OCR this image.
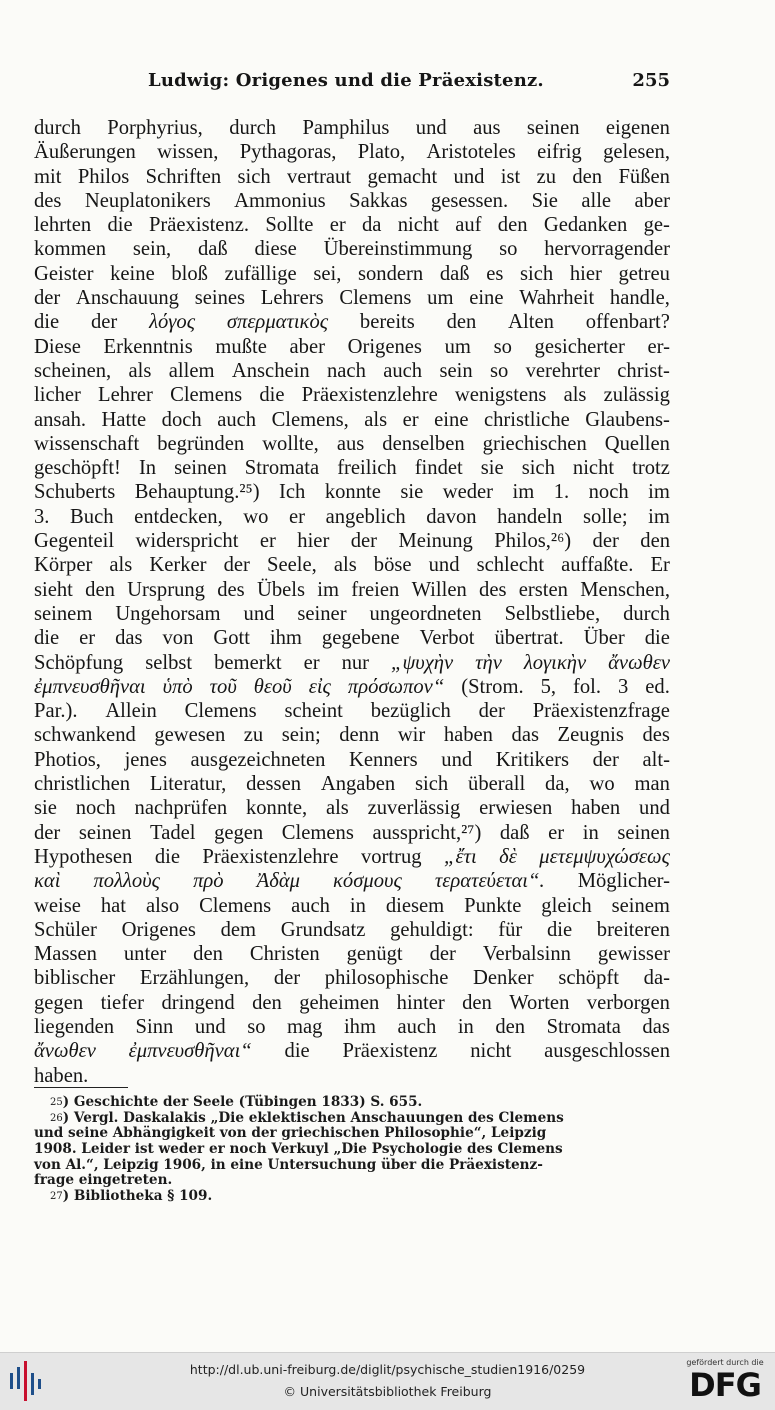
Ludwig: Origenes und die Präexistenz.	255
durch Porphyrius, durch Pamphilus und aus seinen eigenen
Äußerungen wissen, Pythagoras, Plato, Aristoteles eifrig gelesen,
mit Philos Schriften sich vertraut gemacht und ist zu den Füßen
des Neuplatonikers Ammonius Sakkas gesessen. Sie alle aber
lehrten die Präexistenz. Sollte er da nicht auf den Gedanken ge-
kommen sein, daß diese Übereinstimmung so hervorragender
Geister keine bloß zufällige sei, sondern daß es sich hier getreu
der Anschauung seines Lehrers Clemens um eine Wahrheit handle,
die der λόγος σπερματικὸς bereits den Alten offenbart?
Diese Erkenntnis mußte aber Origenes um so gesicherter er-
scheinen, als allem Anschein nach auch sein so verehrter christ-
licher Lehrer Clemens die Präexistenzlehre wenigstens als zulässig
ansah. Hatte doch auch Clemens, als er eine christliche Glaubens-
wissenschaft begründen wollte, aus denselben griechischen Quellen
geschöpft! In seinen Stromata freilich findet sie sich nicht trotz
Schuberts Behauptung.²⁵) Ich konnte sie weder im 1. noch im
3. Buch entdecken, wo er angeblich davon handeln solle; im
Gegenteil widerspricht er hier der Meinung Philos,²⁶) der den
Körper als Kerker der Seele, als böse und schlecht auffaßte. Er
sieht den Ursprung des Übels im freien Willen des ersten Menschen,
seinem Ungehorsam und seiner ungeordneten Selbstliebe, durch
die er das von Gott ihm gegebene Verbot übertrat. Über die
Schöpfung selbst bemerkt er nur „ψυχὴν τὴν λογικὴν ἄνωθεν
ἐμπνευσθῆναι ὑπὸ τοῦ θεοῦ εἰς πρόσωπον“ (Strom. 5, fol. 3 ed.
Par.). Allein Clemens scheint bezüglich der Präexistenzfrage
schwankend gewesen zu sein; denn wir haben das Zeugnis des
Photios, jenes ausgezeichneten Kenners und Kritikers der alt-
christlichen Literatur, dessen Angaben sich überall da, wo man
sie noch nachprüfen konnte, als zuverlässig erwiesen haben und
der seinen Tadel gegen Clemens ausspricht,²⁷) daß er in seinen
Hypothesen die Präexistenzlehre vortrug „ἔτι δὲ μετεμψυχώσεως
καὶ πολλοὺς πρὸ Ἀδὰμ κόσμους τερατεύεται“. Möglicher-
weise hat also Clemens auch in diesem Punkte gleich seinem
Schüler Origenes dem Grundsatz gehuldigt: für die breiteren
Massen unter den Christen genügt der Verbalsinn gewisser
biblischer Erzählungen, der philosophische Denker schöpft da-
gegen tiefer dringend den geheimen hinter den Worten verborgen
liegenden Sinn und so mag ihm auch in den Stromata das
ἄνωθεν ἐμπνευσθῆναι“ die Präexistenz nicht ausgeschlossen
haben.
25 ) Geschichte der Seele (Tübingen 1833) S. 655.
26 ) Vergl. Daskalakis „Die eklektischen Anschauungen des Clemens
und seine Abhängigkeit von der griechischen Philosophie“, Leipzig
1908. Leider ist weder er noch Verkuyl „Die Psychologie des Clemens
von Al.“, Leipzig 1906, in eine Untersuchung über die Präexistenz-
frage eingetreten.
27 ) Bibliotheka § 109.
http://dl.ub.uni-freiburg.de/diglit/psychische_studien1916/0259
© Universitätsbibliothek Freiburg
gefördert durch die
DFG
